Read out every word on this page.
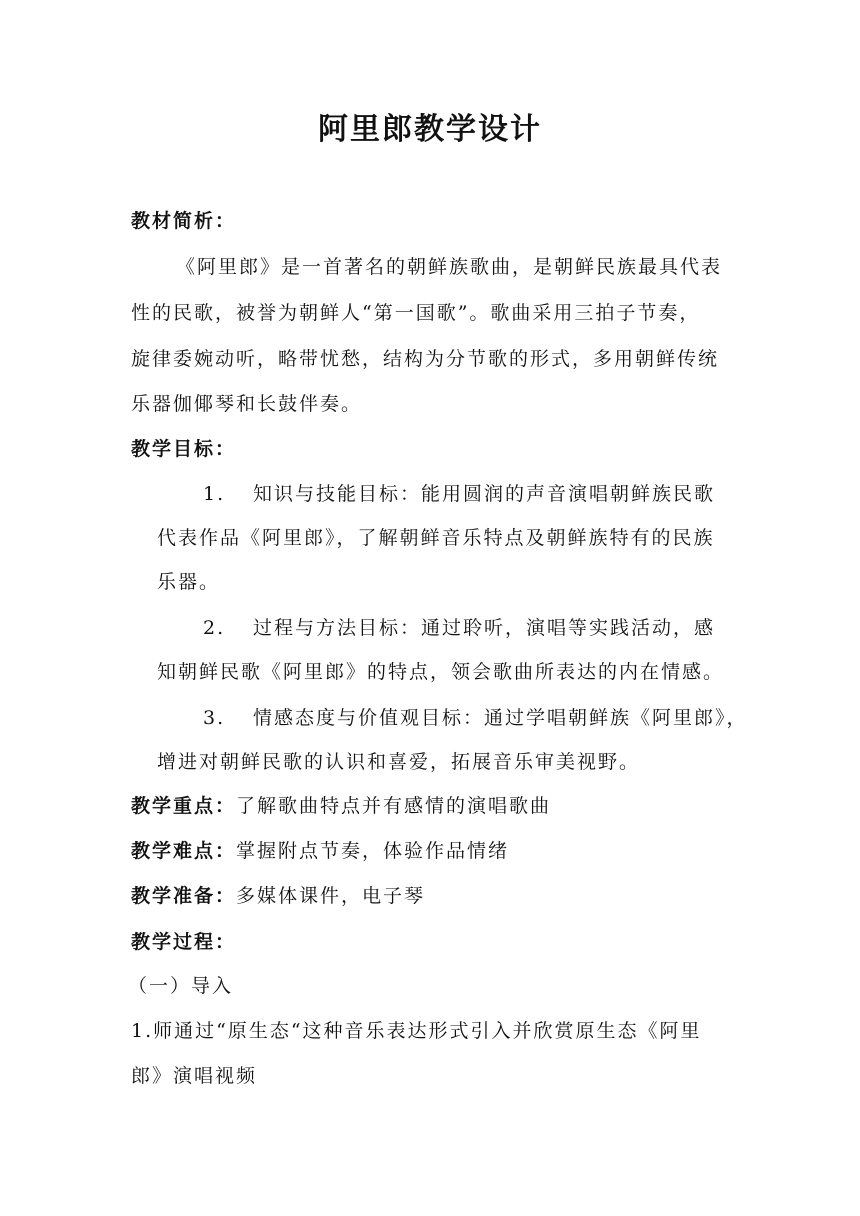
阿里郎教学设计
教材简析：
《阿里郎》是一首著名的朝鲜族歌曲，是朝鲜民族最具代表
性的民歌，被誉为朝鲜人“第一国歌”。歌曲采用三拍子节奏，
旋律委婉动听，略带忧愁，结构为分节歌的形式，多用朝鲜传统
乐器伽倻琴和长鼓伴奏。
教学目标：
1. 知识与技能目标：能用圆润的声音演唱朝鲜族民歌
代表作品《阿里郎》，了解朝鲜音乐特点及朝鲜族特有的民族
乐器。
2. 过程与方法目标：通过聆听，演唱等实践活动，感
知朝鲜民歌《阿里郎》的特点，领会歌曲所表达的内在情感。
3. 情感态度与价值观目标：通过学唱朝鲜族《阿里郎》，
增进对朝鲜民歌的认识和喜爱，拓展音乐审美视野。
教学重点：了解歌曲特点并有感情的演唱歌曲
教学难点：掌握附点节奏，体验作品情绪
教学准备：多媒体课件，电子琴
教学过程：
（一）导入
1.师通过“原生态“这种音乐表达形式引入并欣赏原生态《阿里
郎》演唱视频
